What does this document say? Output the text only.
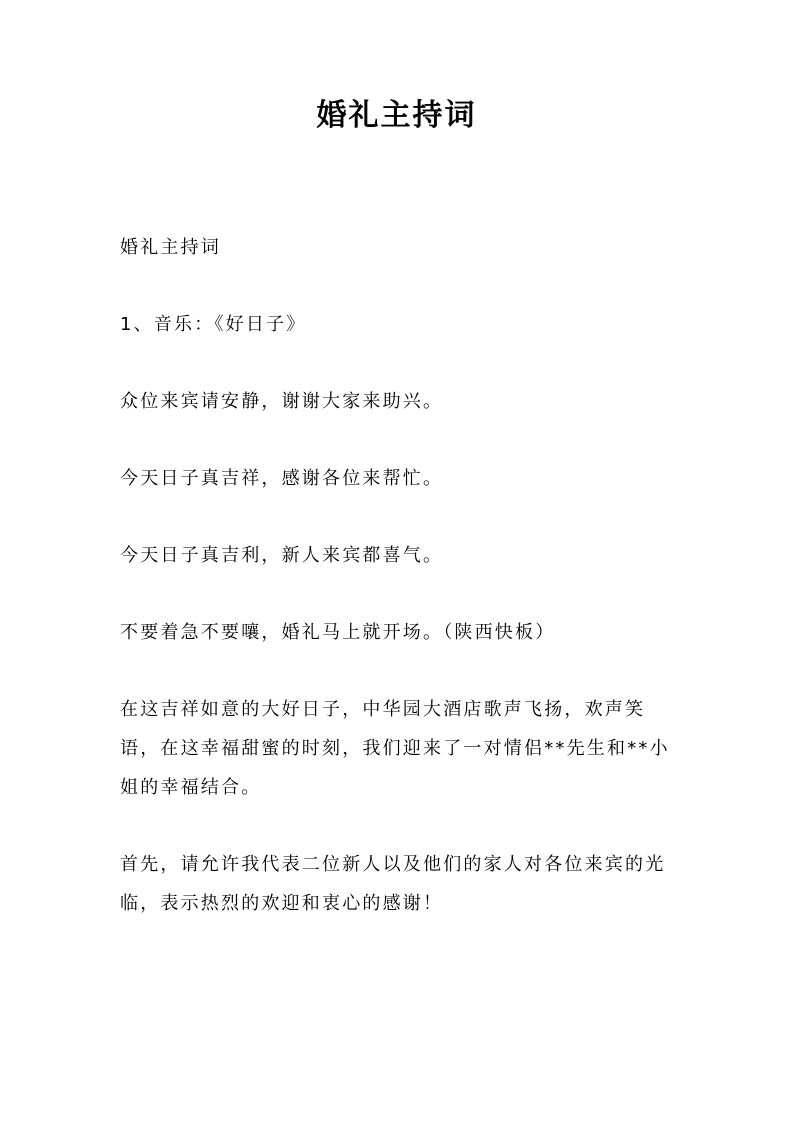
婚礼主持词

婚礼主持词

1、音乐：《好日子》

众位来宾请安静，谢谢大家来助兴。

今天日子真吉祥，感谢各位来帮忙。

今天日子真吉利，新人来宾都喜气。

不要着急不要嚷，婚礼马上就开场。（陕西快板）

在这吉祥如意的大好日子，中华园大酒店歌声飞扬，欢声笑语，在这幸福甜蜜的时刻，我们迎来了一对情侣**先生和**小姐的幸福结合。

首先，请允许我代表二位新人以及他们的家人对各位来宾的光临，表示热烈的欢迎和衷心的感谢！
